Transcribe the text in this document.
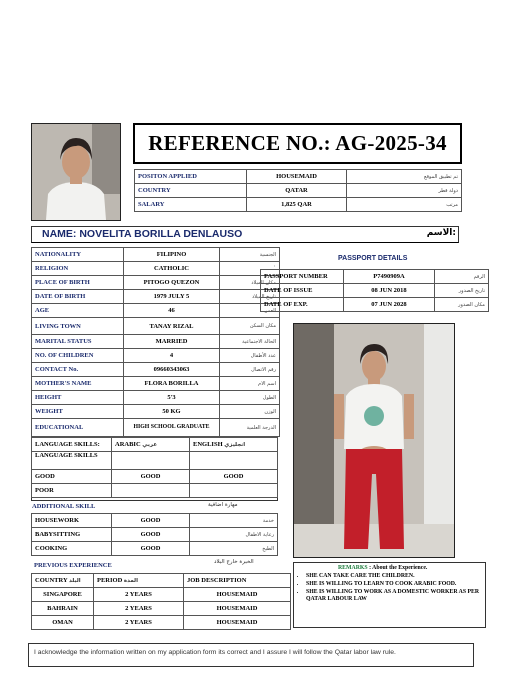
REFERENCE NO.: AG-2025-34
POSITON APPLIED	HOUSEMAID	تم تطبيق الموقع
COUNTRY	QATAR	دولة قطر
SALARY	1,825 QAR	مرتب
NAME: NOVELITA BORILLA DENLAUSO	الاسم:
NATIONALITY	FILIPINO	الجنسية
RELIGION	CATHOLIC	`
PLACE OF BIRTH	PITOGO QUEZON	مكان الميلاد
DATE OF BIRTH	1979 JULY 5	تاريخ الميلاد
AGE	46	العمر
LIVING TOWN	TANAY RIZAL	مكان السكن
MARITAL STATUS	MARRIED	الحالة الاجتماعية
NO. OF CHILDREN	4	عدد الأطفال
CONTACT No.	09660343063	رقم الاتصال
MOTHER'S NAME	FLORA BORILLA	اسم الام
HEIGHT	5'3	الطول
WEIGHT	50 KG	الوزن
EDUCATIONAL	HIGH SCHOOL GRADUATE	الدرجة العلمية
PASSPORT DETAILS
PASSPORT NUMBER	P7490909A	الرقم
DATE OF ISSUE	08 JUN 2018	تاريخ الصدور
DATE OF EXP.	07 JUN 2028	مكان الصدور
LANGUAGE SKILLS:	ARABIC عربي	ENGLISH انجليزي
LANGUAGE SKILLS		
GOOD	GOOD	GOOD
POOR		
ADDITIONAL SKILL	مهارة اضافية
HOUSEWORK	GOOD	خدمة
BABYSITTING	GOOD	رعاية الاطفال
COOKING	GOOD	الطبخ
PREVIOUS EXPERIENCE	الخبرة خارج البلاد
COUNTRY البلد	PERIOD المدة	JOB DESCRIPTION
SINGAPORE	2 YEARS	HOUSEMAID
BAHRAIN	2 YEARS	HOUSEMAID
OMAN	2 YEARS	HOUSEMAID
REMARKS : About the Experience.
• SHE CAN TAKE CARE THE CHILDREN.
• SHE IS WILLING TO LEARN TO COOK ARABIC FOOD.
• SHE IS WILLING TO WORK AS A DOMESTIC WORKER AS PER QATAR LABOUR LAW
I acknowledge the information written on my application form its correct and I assure I will follow the Qatar labor law rule.
